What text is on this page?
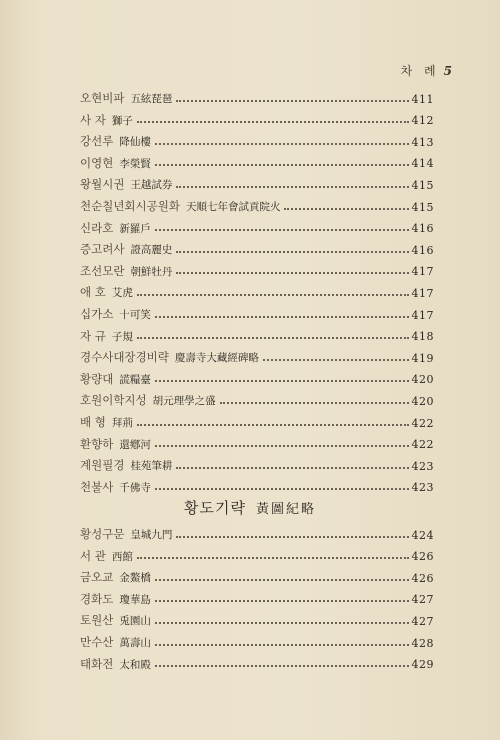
차 례 5
오현비파 五絃琵琶	411
사 자 獅子	412
강선루 降仙樓	413
이영현 李榮賢	414
왕월시권 王越試券	415
천순칠년회시공원화 天順七年會試貢院火	415
신라호 新羅戶	416
증고려사 證高麗史	416
조선모란 朝鮮牡丹	417
애 호 艾虎	417
십가소 十可笑	417
자 규 子規	418
경수사대장경비략 慶壽寺大藏經碑略	419
황량대 謊糧臺	420
호원이학지성 胡元理學之盛	420
배 형 拜荊	422
환향하 還鄕河	422
계원필경 桂苑筆耕	423
천불사 千佛寺	423
황도기략 黃圖紀略
황성구문 皇城九門	424
서 관 西館	426
금오교 金鰲橋	426
경화도 瓊華島	427
토원산 兎園山	427
만수산 萬壽山	428
태화전 太和殿	429
